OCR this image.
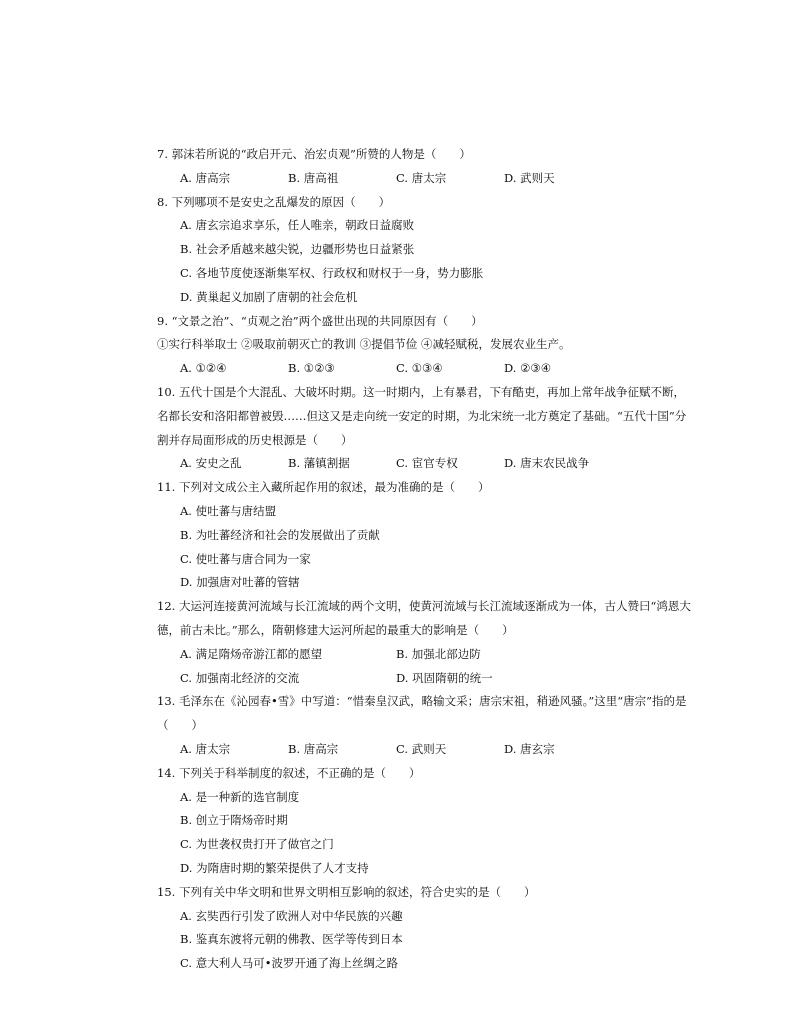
7. 郭沫若所说的“政启开元、治宏贞观”所赞的人物是（　　）
A. 唐高宗	B. 唐高祖	C. 唐太宗	D. 武则天
8. 下列哪项不是安史之乱爆发的原因（　　）
A. 唐玄宗追求享乐，任人唯亲，朝政日益腐败
B. 社会矛盾越来越尖锐，边疆形势也日益紧张
C. 各地节度使逐渐集军权、行政权和财权于一身，势力膨胀
D. 黄巢起义加剧了唐朝的社会危机
9. “文景之治”、“贞观之治”两个盛世出现的共同原因有（　　）
①实行科举取士 ②吸取前朝灭亡的教训 ③提倡节俭 ④减轻赋税，发展农业生产。
A. ①②④	B. ①②③	C. ①③④	D. ②③④
10. 五代十国是个大混乱、大破坏时期。这一时期内，上有暴君，下有酷吏，再加上常年战争征赋不断，
名都长安和洛阳都曾被毁……但这又是走向统一安定的时期，为北宋统一北方奠定了基础。“五代十国”分
割并存局面形成的历史根源是（　　）
A. 安史之乱	B. 藩镇割据	C. 宦官专权	D. 唐末农民战争
11. 下列对文成公主入藏所起作用的叙述，最为准确的是（　　）
A. 使吐蕃与唐结盟
B. 为吐蕃经济和社会的发展做出了贡献
C. 使吐蕃与唐合同为一家
D. 加强唐对吐蕃的管辖
12. 大运河连接黄河流域与长江流域的两个文明，使黄河流域与长江流域逐渐成为一体，古人赞曰“鸿恩大
德，前古未比。”那么，隋朝修建大运河所起的最重大的影响是（　　）
A. 满足隋炀帝游江都的愿望	B. 加强北部边防
C. 加强南北经济的交流	D. 巩固隋朝的统一
13. 毛泽东在《沁园春•雪》中写道：“惜秦皇汉武，略输文采；唐宗宋祖，稍逊风骚。”这里“唐宗”指的是
（　　）
A. 唐太宗	B. 唐高宗	C. 武则天	D. 唐玄宗
14. 下列关于科举制度的叙述，不正确的是（　　）
A. 是一种新的选官制度
B. 创立于隋炀帝时期
C. 为世袭权贵打开了做官之门
D. 为隋唐时期的繁荣提供了人才支持
15. 下列有关中华文明和世界文明相互影响的叙述，符合史实的是（　　）
A. 玄奘西行引发了欧洲人对中华民族的兴趣
B. 鉴真东渡将元朝的佛教、医学等传到日本
C. 意大利人马可•波罗开通了海上丝绸之路
